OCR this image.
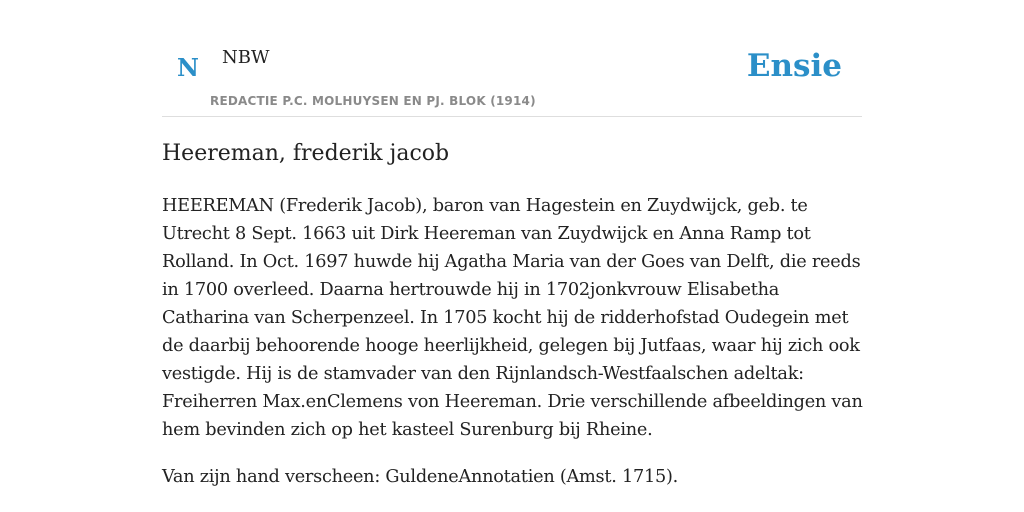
N NBW
REDACTIE P.C. MOLHUYSEN EN PJ. BLOK (1914)
Ensie
Heereman, frederik jacob

HEEREMAN (Frederik Jacob), baron van Hagestein en Zuydwijck, geb. te Utrecht 8 Sept. 1663 uit Dirk Heereman van Zuydwijck en Anna Ramp tot Rolland. In Oct. 1697 huwde hij Agatha Maria van der Goes van Delft, die reeds in 1700 overleed. Daarna hertrouwde hij in 1702jonkvrouw Elisabetha Catharina van Scherpenzeel. In 1705 kocht hij de ridderhofstad Oudegein met de daarbij behoorende hooge heerlijkheid, gelegen bij Jutfaas, waar hij zich ook vestigde. Hij is de stamvader van den Rijnlandsch-Westfaalschen adeltak: Freiherren Max.enClemens von Heereman. Drie verschillende afbeeldingen van hem bevinden zich op het kasteel Surenburg bij Rheine.

Van zijn hand verscheen: GuldeneAnnotatien (Amst. 1715).
